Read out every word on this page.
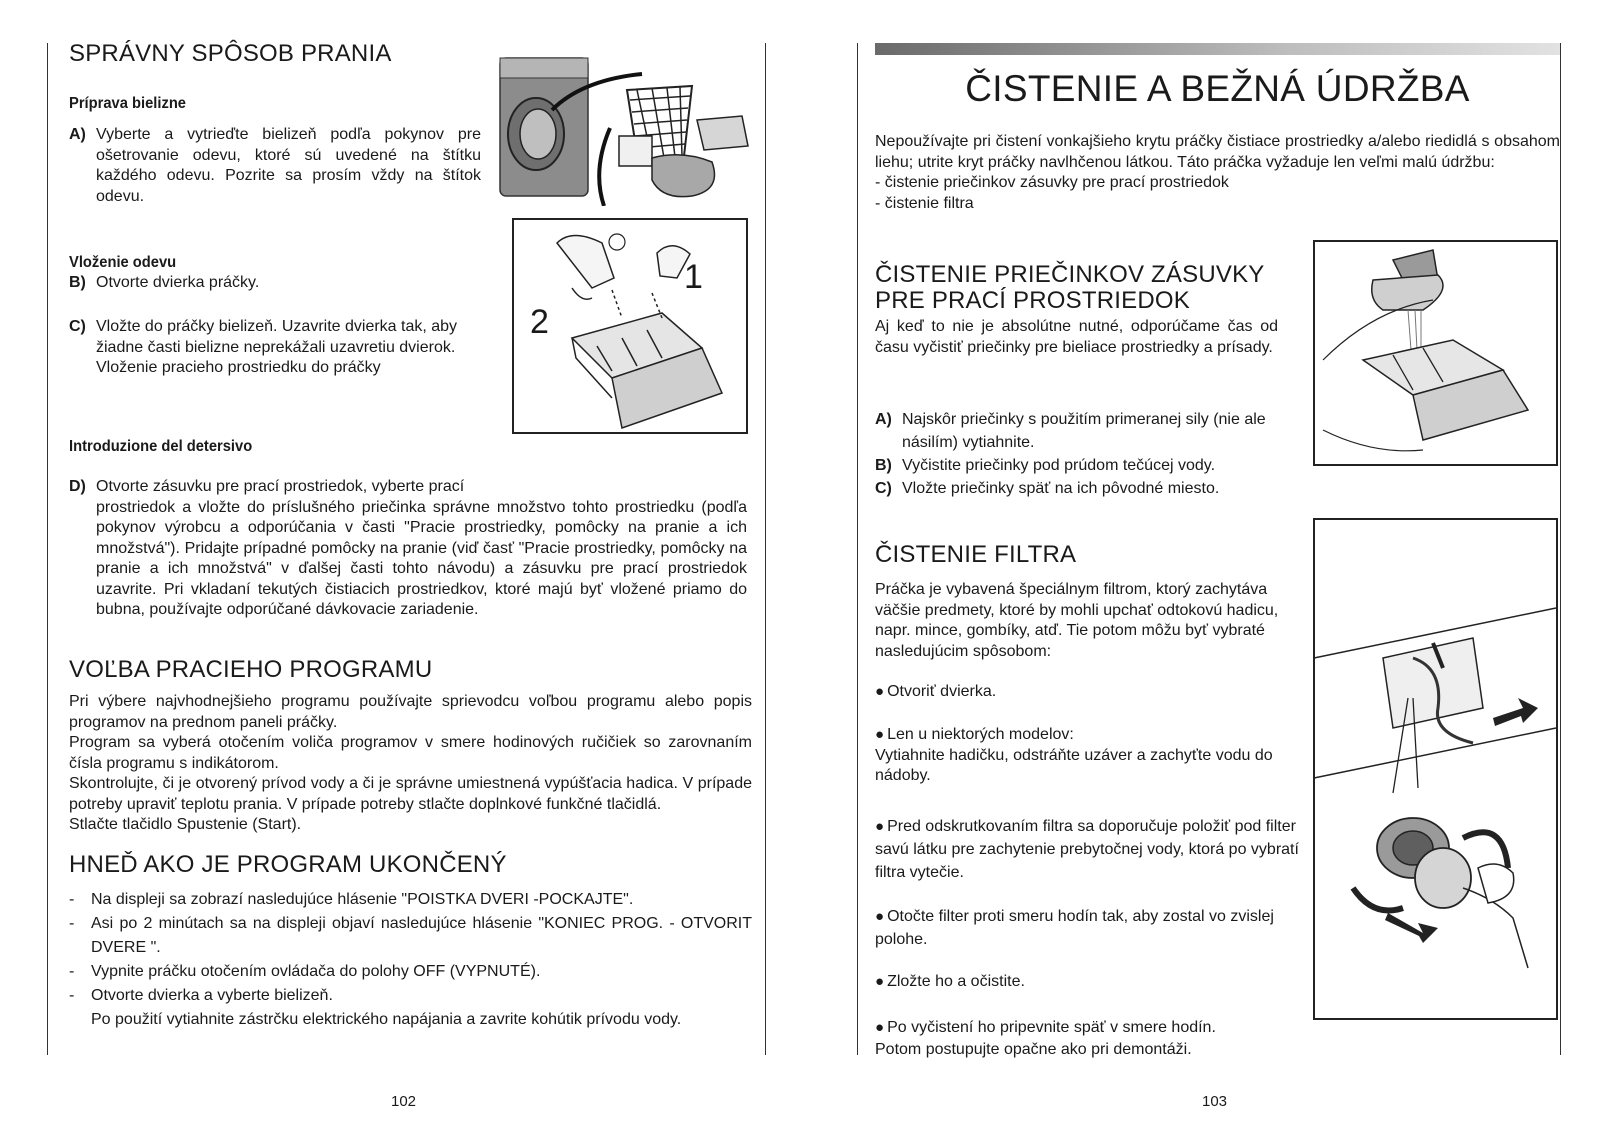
SPRÁVNY SPÔSOB PRANIA
Príprava bielizne
A) Vyberte a vytrieďte bielizeň podľa pokynov pre ošetrovanie odevu, ktoré sú uvedené na štítku každého odevu. Pozrite sa prosím vždy na štítok odevu.
Vloženie odevu
B) Otvorte dvierka práčky.
C) Vložte do práčky bielizeň. Uzavrite dvierka tak, aby žiadne časti bielizne neprekážali uzavretiu dvierok.
Vloženie pracieho prostriedku do práčky
1
2
Introduzione del detersivo
D) Otvorte zásuvku pre prací prostriedok, vyberte prací
prostriedok a vložte do príslušného priečinka správne množstvo tohto prostriedku (podľa pokynov výrobcu a odporúčania v časti "Pracie prostriedky, pomôcky na pranie a ich množstvá"). Pridajte prípadné pomôcky na pranie (viď časť "Pracie prostriedky, pomôcky na pranie a ich množstvá" v ďalšej časti tohto návodu) a zásuvku pre prací prostriedok uzavrite. Pri vkladaní tekutých čistiacich prostriedkov, ktoré majú byť vložené priamo do bubna, používajte odporúčané dávkovacie zariadenie.
VOĽBA PRACIEHO PROGRAMU
Pri výbere najvhodnejšieho programu používajte sprievodcu voľbou programu alebo popis programov na prednom paneli práčky.
Program sa vyberá otočením voliča programov v smere hodinových ručičiek so zarovnaním čísla programu s indikátorom.
Skontrolujte, či je otvorený prívod vody a či je správne umiestnená vypúšťacia hadica. V prípade potreby upraviť teplotu prania. V prípade potreby stlačte doplnkové funkčné tlačidlá.
Stlačte tlačidlo Spustenie (Start).
HNEĎ AKO JE PROGRAM UKONČENÝ
-	Na displeji sa zobrazí nasledujúce hlásenie "POISTKA DVERI -POCKAJTE".
-	Asi po 2 minútach sa na displeji objaví nasledujúce hlásenie "KONIEC PROG. - OTVORIT DVERE ".
-	Vypnite práčku otočením ovládača do polohy OFF (VYPNUTÉ).
-	Otvorte dvierka a vyberte bielizeň.
Po použití vytiahnite zástrčku elektrického napájania a zavrite kohútik prívodu vody.
102
ČISTENIE A BEŽNÁ ÚDRŽBA
Nepoužívajte pri čistení vonkajšieho krytu práčky čistiace prostriedky a/alebo riedidlá s obsahom liehu; utrite kryt práčky navlhčenou látkou. Táto práčka vyžaduje len veľmi malú údržbu:
- čistenie priečinkov zásuvky pre prací prostriedok
- čistenie filtra
ČISTENIE PRIEČINKOV ZÁSUVKY
PRE PRACÍ PROSTRIEDOK
Aj keď to nie je absolútne nutné, odporúčame čas od času vyčistiť priečinky pre bieliace prostriedky a prísady.
A) Najskôr priečinky s použitím primeranej sily (nie ale násilím) vytiahnite.
B) Vyčistite priečinky pod prúdom tečúcej vody.
C) Vložte priečinky späť na ich pôvodné miesto.
ČISTENIE FILTRA
Práčka je vybavená špeciálnym filtrom, ktorý zachytáva väčšie predmety, ktoré by mohli upchať odtokovú hadicu, napr. mince, gombíky, atď. Tie potom môžu byť vybraté nasledujúcim spôsobom:
● Otvoriť dvierka.
● Len u niektorých modelov:
Vytiahnite hadičku, odstráňte uzáver a zachyťte vodu do nádoby.
● Pred odskrutkovaním filtra sa doporučuje položiť pod filter savú látku pre zachytenie prebytočnej vody, ktorá po vybratí filtra vytečie.
● Otočte filter proti smeru hodín tak, aby zostal vo zvislej polohe.
● Zložte ho a očistite.
● Po vyčistení ho pripevnite späť v smere hodín.
Potom postupujte opačne ako pri demontáži.
103
